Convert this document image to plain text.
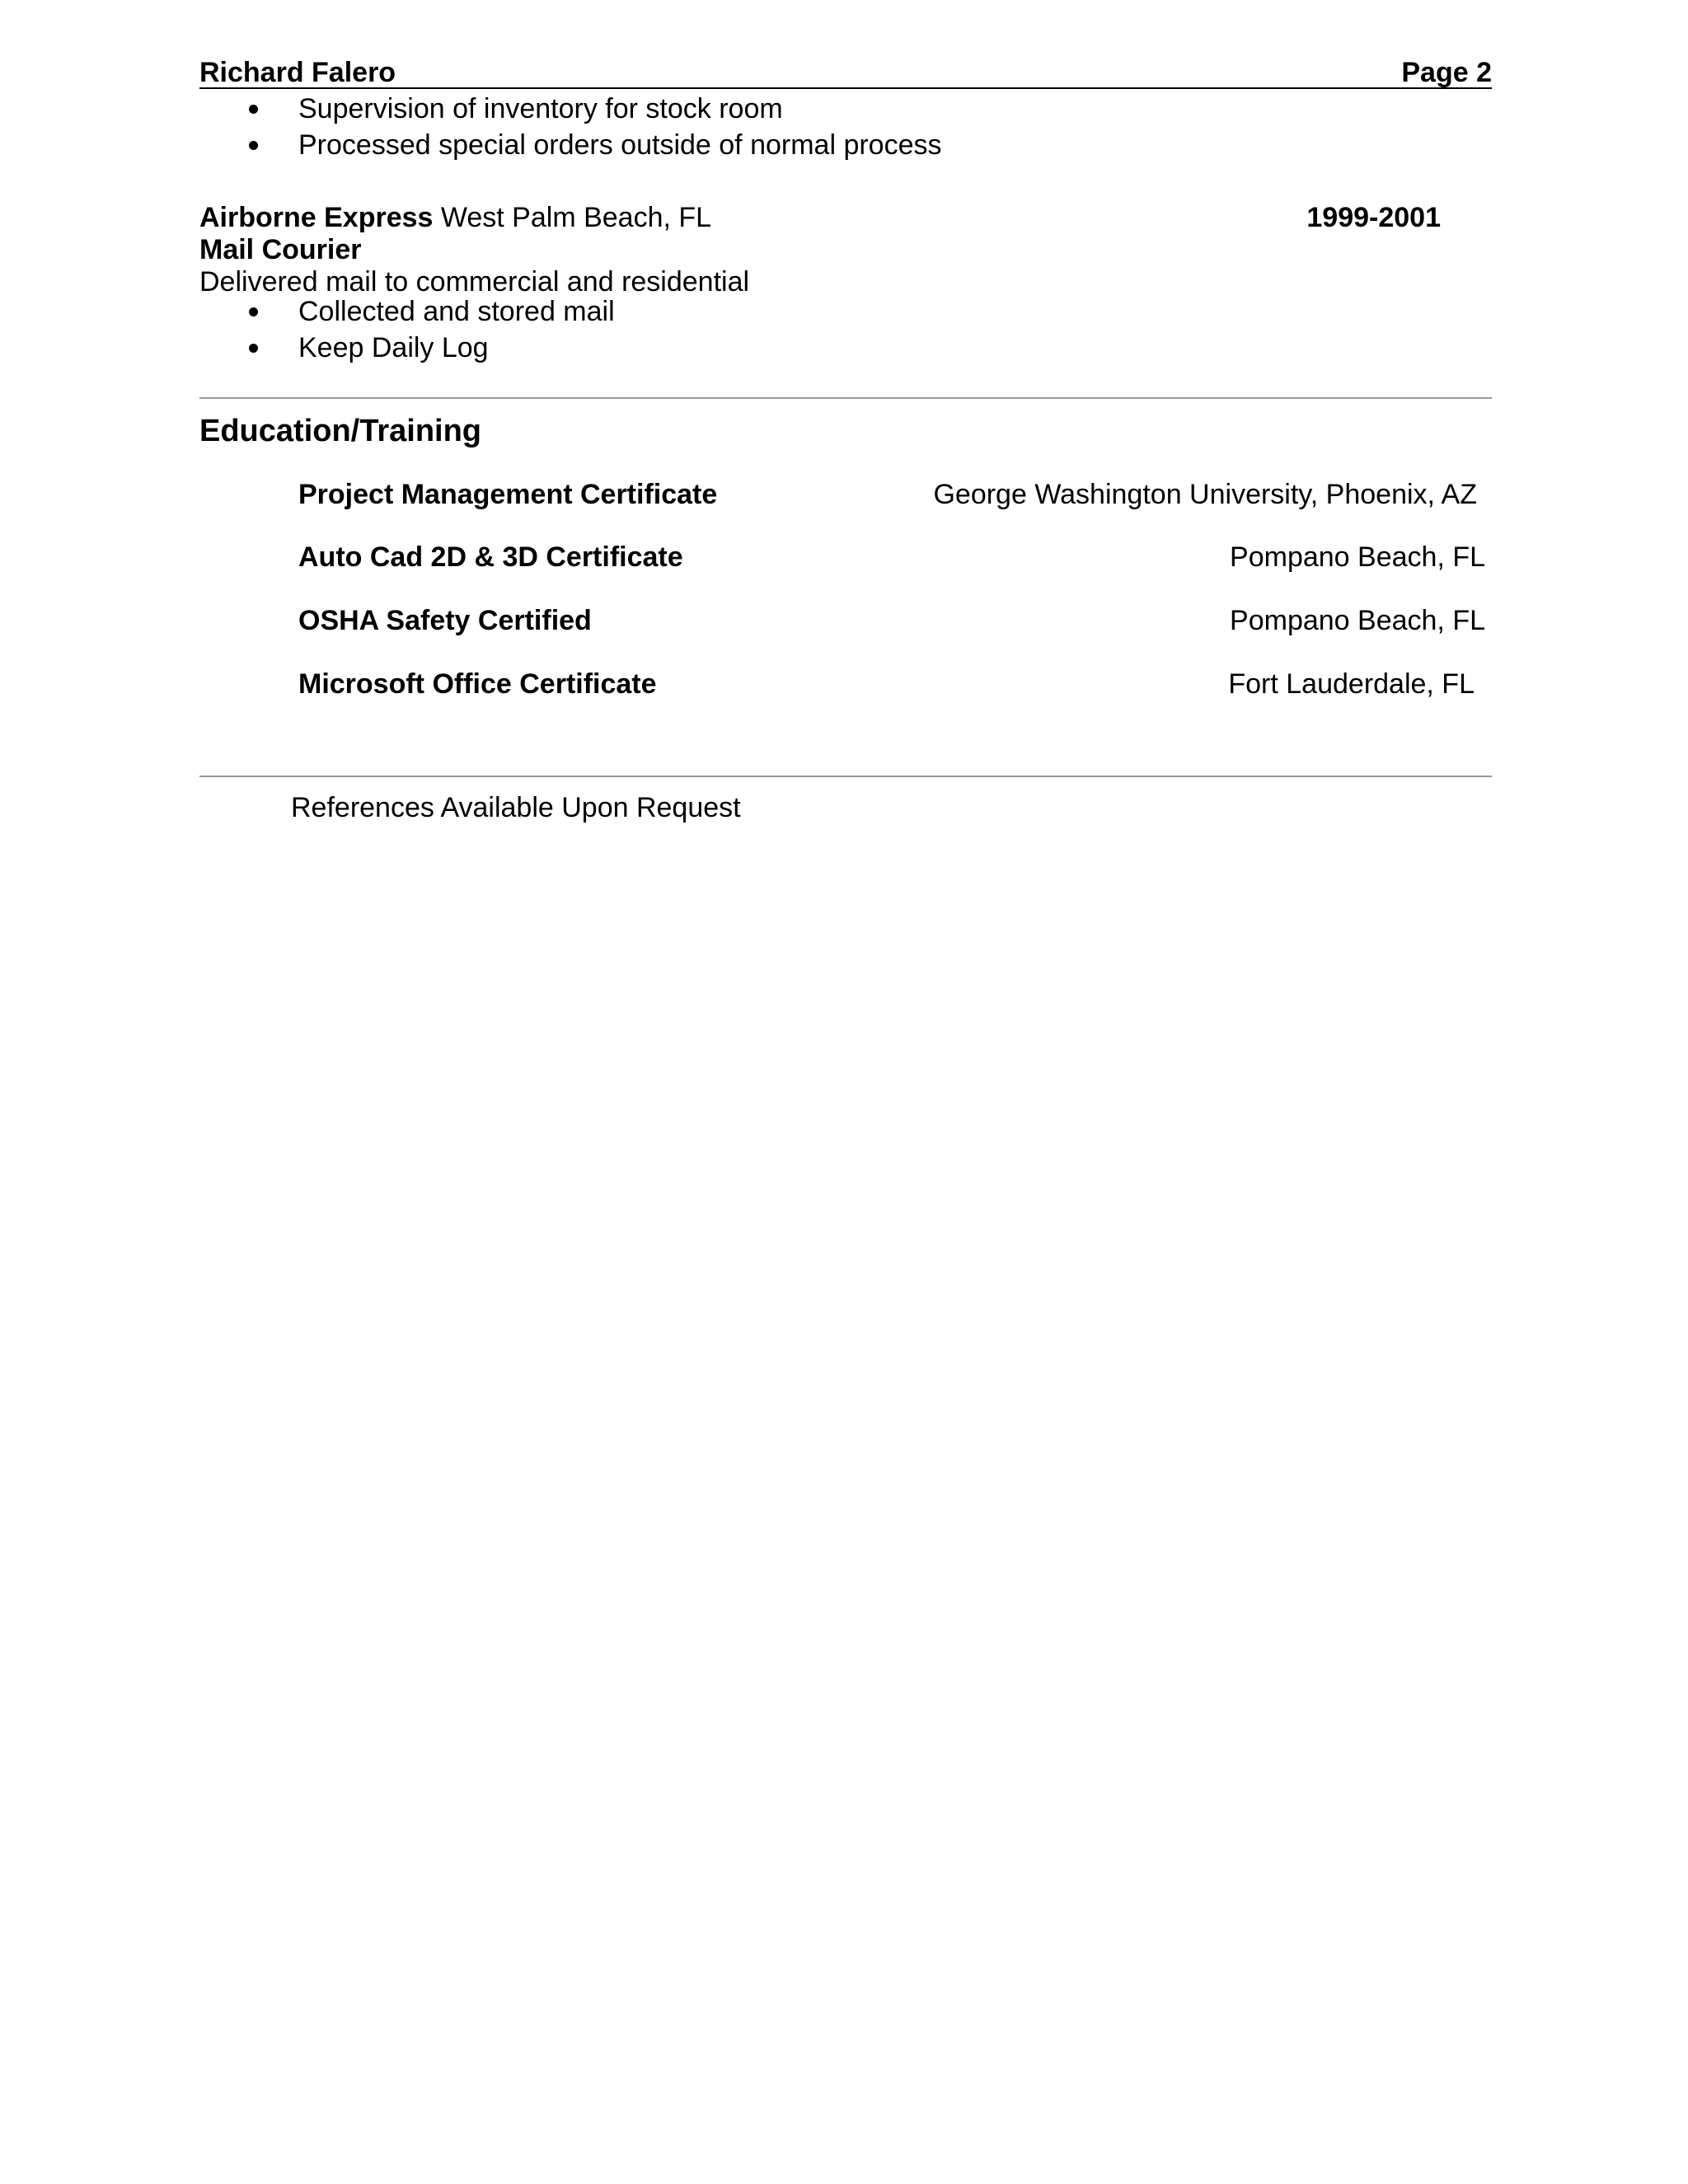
Richard Falero	Page 2
Supervision of inventory for stock room
Processed special orders outside of normal process
Airborne Express West Palm Beach, FL	1999-2001
Mail Courier
Delivered mail to commercial and residential
Collected and stored mail
Keep Daily Log
Education/Training
Project Management Certificate	George Washington University, Phoenix, AZ
Auto Cad 2D & 3D Certificate	Pompano Beach, FL
OSHA Safety Certified	Pompano Beach, FL
Microsoft Office Certificate	Fort Lauderdale, FL
References Available Upon Request
